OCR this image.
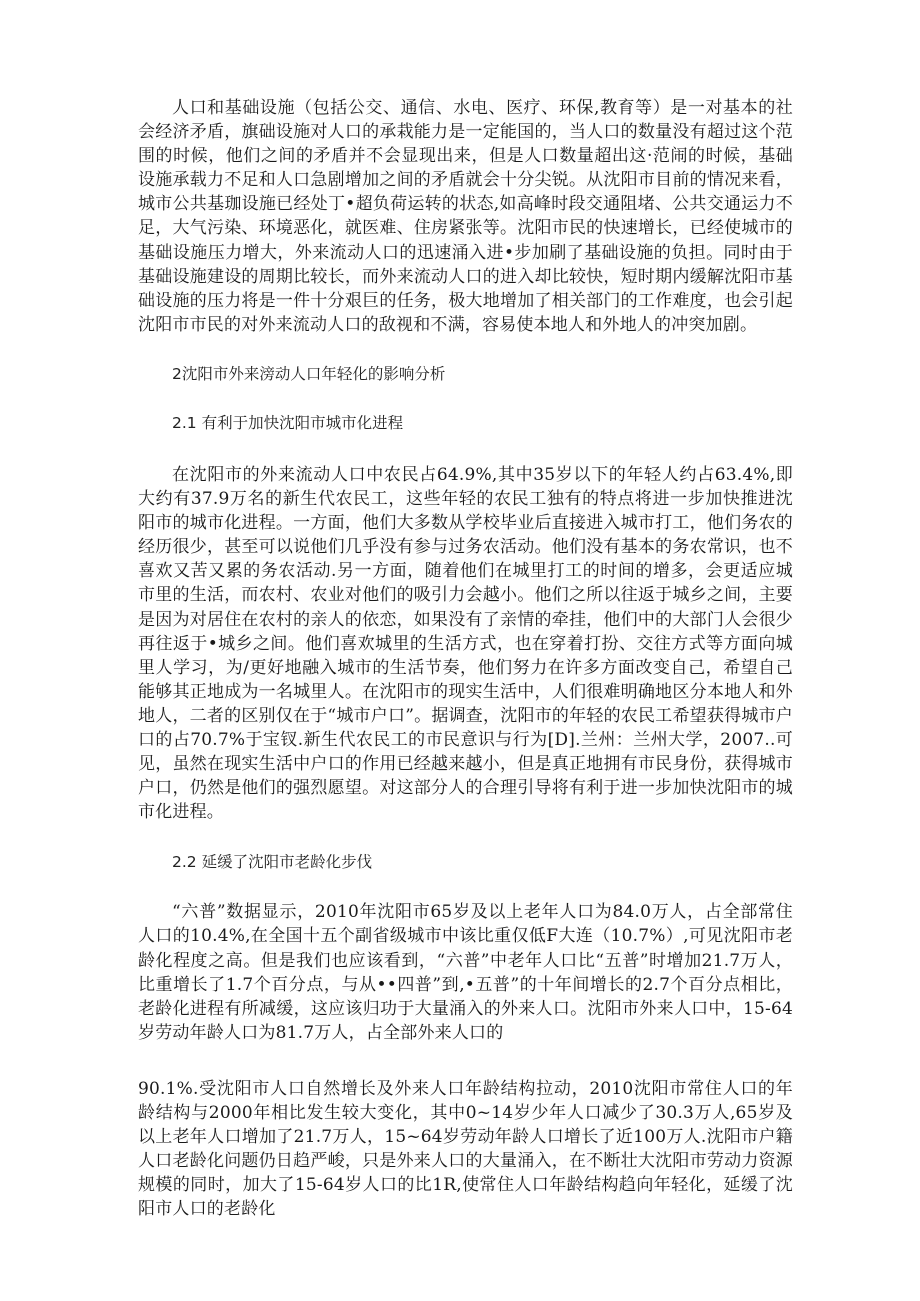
人口和基础设施（包括公交、通信、水电、医疗、环保,教育等）是一对基本的社会经济矛盾，旗础设施对人口的承栽能力是一定能国的，当人口的数量没有超过这个范围的时候，他们之间的矛盾并不会显现出来，但是人口数量超出这·范闹的时候，基础设施承载力不足和人口急剧增加之间的矛盾就会十分尖锐。从沈阳市目前的情况来看，城市公共基珈设施已经处丁•超负荷运转的状态,如高峰时段交通阻堵、公共交通运力不足，大气污染、环境恶化，就医难、住房紧张等。沈阳市民的快速增长，已经使城市的基础设施压力增大，外来流动人口的迅速涌入进•步加刷了基础设施的负担。同时由于基础设施建设的周期比较长，而外来流动人口的进入却比较快，短时期内缓解沈阳市基础设施的压力将是一件十分艰巨的任务，极大地增加了相关部门的工作难度，也会引起沈阳市市民的对外来流动人口的敌视和不满，容易使本地人和外地人的冲突加剧。

2沈阳市外来滂动人口年轻化的影响分析

2.1 有利于加快沈阳市城市化进程

在沈阳市的外来流动人口中农民占64.9%,其中35岁以下的年轻人约占63.4%,即大约有37.9万名的新生代农民工，这些年轻的农民工独有的特点将进一步加快推进沈阳市的城市化进程。一方面，他们大多数从学校毕业后直接进入城市打工，他们务农的经历很少，甚至可以说他们几乎没有参与过务农活动。他们没有基本的务农常识，也不喜欢又苦又累的务农活动.另一方面，随着他们在城里打工的时间的增多，会更适应城市里的生活，而农村、农业对他们的吸引力会越小。他们之所以往返于城乡之间，主要是因为对居住在农村的亲人的依恋，如果没有了亲情的牵挂，他们中的大部门人会很少再往返于•城乡之间。他们喜欢城里的生活方式，也在穿着打扮、交往方式等方面向城里人学习，为/更好地融入城市的生活节奏，他们努力在许多方面改变自己，希望自己能够其正地成为一名城里人。在沈阳市的现实生活中，人们很难明确地区分本地人和外地人，二者的区别仅在于“城市户口”。据调查，沈阳市的年轻的农民工希望获得城市户口的占70.7%于宝钗.新生代农民工的市民意识与行为[D].兰州：兰州大学，2007..可见，虽然在现实生活中户口的作用已经越来越小，但是真正地拥有市民身份，获得城市户口，仍然是他们的强烈愿望。对这部分人的合理引导将有利于进一步加快沈阳市的城市化进程。

2.2 延缓了沈阳市老龄化步伐

“六普”数据显示，2010年沈阳市65岁及以上老年人口为84.0万人，占全部常住人口的10.4%,在全国十五个副省级城市中该比重仅低F大连（10.7%）,可见沈阳市老龄化程度之高。但是我们也应该看到，“六普”中老年人口比“五普”时增加21.7万人，比重增长了1.7个百分点，与从••四普”到,•五普”的十年间增长的2.7个百分点相比，老龄化进程有所减缓，这应该归功于大量涌入的外来人口。沈阳市外来人口中，15-64岁劳动年龄人口为81.7万人，占全部外来人口的

90.1%.受沈阳市人口自然增长及外来人口年龄结构拉动，2010沈阳市常住人口的年龄结构与2000年相比发生较大变化，其中0~14岁少年人口减少了30.3万人,65岁及以上老年人口增加了21.7万人，15~64岁劳动年龄人口增长了近100万人.沈阳市户籍人口老龄化问题仍日趋严峻，只是外来人口的大量涌入，在不断壮大沈阳市劳动力资源规模的同时，加大了15-64岁人口的比1R,使常住人口年龄结构趋向年轻化，延缓了沈阳市人口的老龄化
